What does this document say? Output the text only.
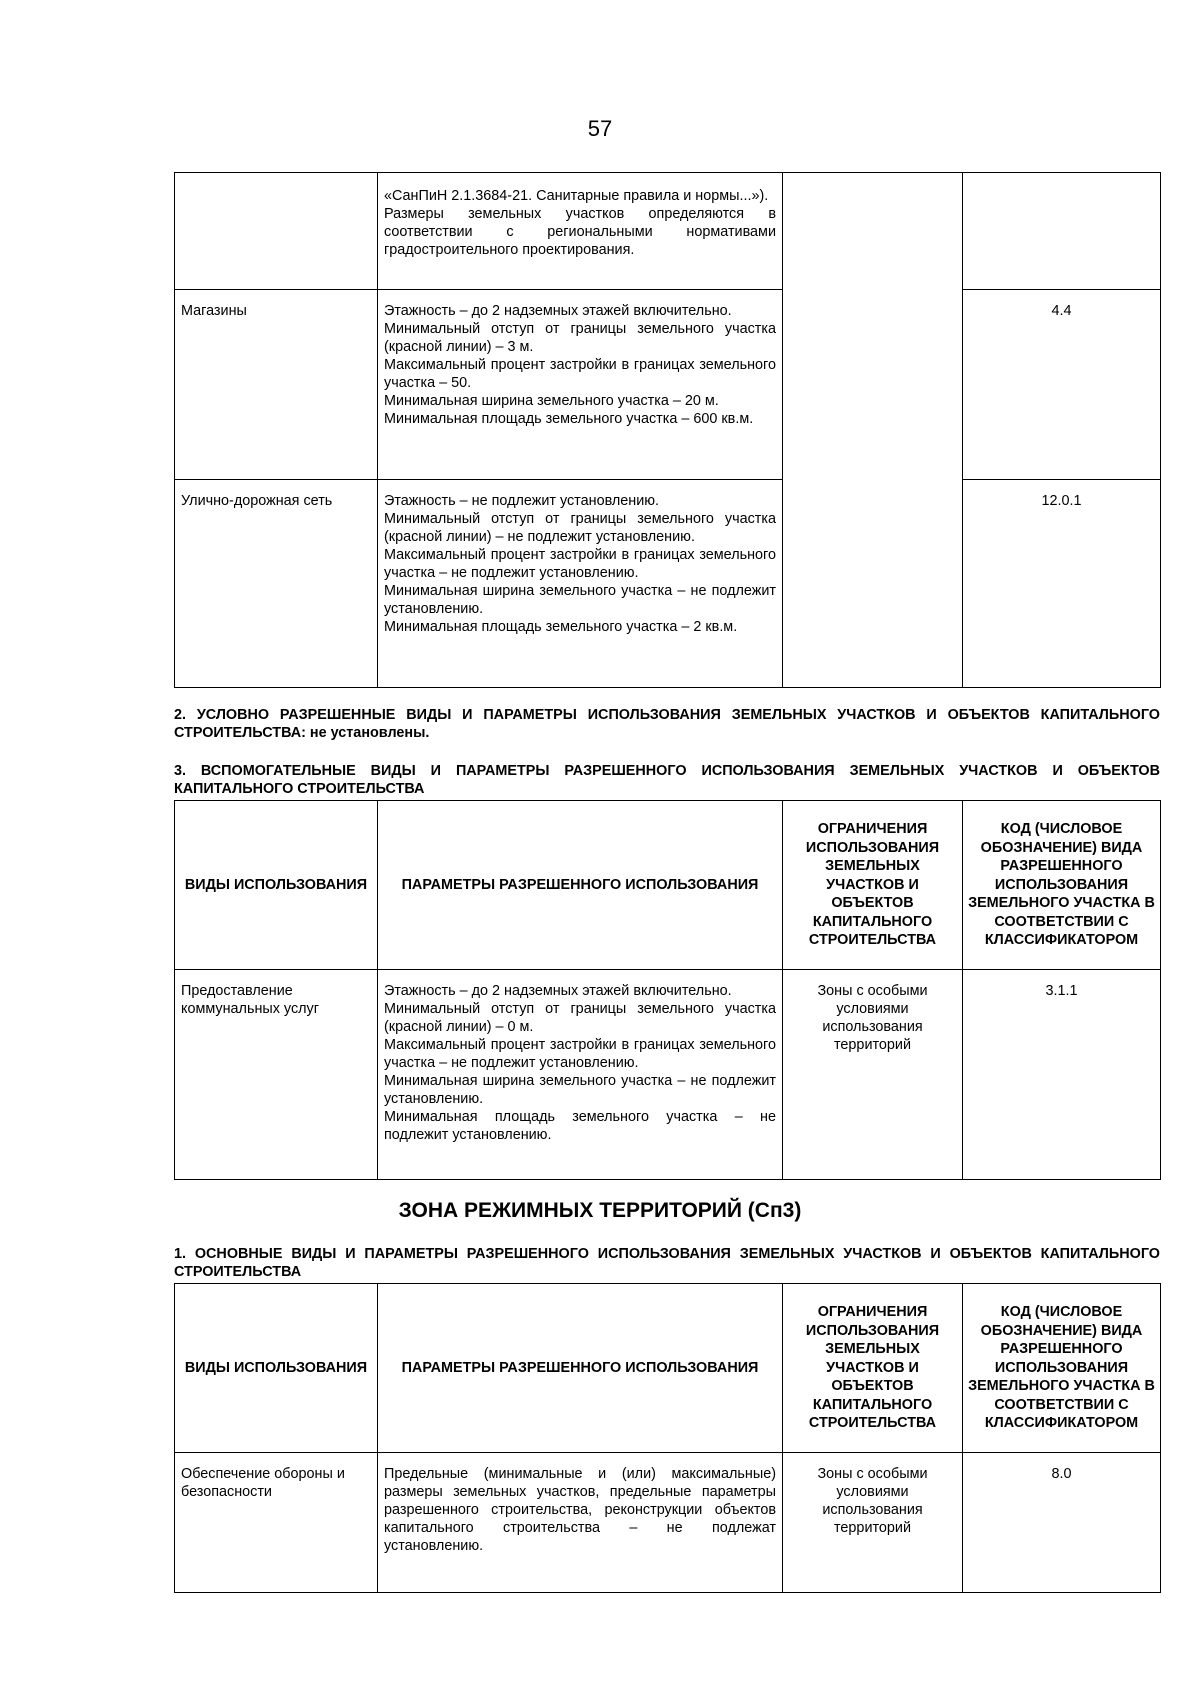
57

	«СанПиН 2.1.3684-21. Санитарные правила и нормы...»).

Размеры земельных участков определяются в соответствии с региональными нормативами градостроительного проектирования.		

Магазины	Этажность – до 2 надземных этажей включительно.

Минимальный отступ от границы земельного участка (красной линии) – 3 м.

Максимальный процент застройки в границах земельного участка – 50.

Минимальная ширина земельного участка – 20 м.

Минимальная площадь земельного участка – 600 кв.м.		4.4
Улично-дорожная сеть	Этажность – не подлежит установлению.

Минимальный отступ от границы земельного участка (красной линии) – не подлежит установлению.

Максимальный процент застройки в границах земельного участка – не подлежит установлению.

Минимальная ширина земельного участка – не подлежит установлению.

Минимальная площадь земельного участка – 2 кв.м.		12.0.1

2. УСЛОВНО РАЗРЕШЕННЫЕ ВИДЫ И ПАРАМЕТРЫ ИСПОЛЬЗОВАНИЯ ЗЕМЕЛЬНЫХ УЧАСТКОВ И ОБЪЕКТОВ КАПИТАЛЬНОГО СТРОИТЕЛЬСТВА: не установлены.

3. ВСПОМОГАТЕЛЬНЫЕ ВИДЫ И ПАРАМЕТРЫ РАЗРЕШЕННОГО ИСПОЛЬЗОВАНИЯ ЗЕМЕЛЬНЫХ УЧАСТКОВ И ОБЪЕКТОВ КАПИТАЛЬНОГО СТРОИТЕЛЬСТВА

ВИДЫ ИСПОЛЬЗОВАНИЯ	ПАРАМЕТРЫ РАЗРЕШЕННОГО ИСПОЛЬЗОВАНИЯ	ОГРАНИЧЕНИЯ ИСПОЛЬЗОВАНИЯ ЗЕМЕЛЬНЫХ УЧАСТКОВ И ОБЪЕКТОВ КАПИТАЛЬНОГО СТРОИТЕЛЬСТВА	КОД (ЧИСЛОВОЕ ОБОЗНАЧЕНИЕ) ВИДА РАЗРЕШЕННОГО ИСПОЛЬЗОВАНИЯ ЗЕМЕЛЬНОГО УЧАСТКА В СООТВЕТСТВИИ С КЛАССИФИКАТОРОМ
Предоставление коммунальных услуг	Этажность – до 2 надземных этажей включительно.

Минимальный отступ от границы земельного участка (красной линии) – 0 м.

Максимальный процент застройки в границах земельного участка – не подлежит установлению.

Минимальная ширина земельного участка – не подлежит установлению.

Минимальная площадь земельного участка – не подлежит установлению.	Зоны с особыми условиями использования территорий	3.1.1
ЗОНА РЕЖИМНЫХ ТЕРРИТОРИЙ (Сп3)

1. ОСНОВНЫЕ ВИДЫ И ПАРАМЕТРЫ РАЗРЕШЕННОГО ИСПОЛЬЗОВАНИЯ ЗЕМЕЛЬНЫХ УЧАСТКОВ И ОБЪЕКТОВ КАПИТАЛЬНОГО СТРОИТЕЛЬСТВА

ВИДЫ ИСПОЛЬЗОВАНИЯ	ПАРАМЕТРЫ РАЗРЕШЕННОГО ИСПОЛЬЗОВАНИЯ	ОГРАНИЧЕНИЯ ИСПОЛЬЗОВАНИЯ ЗЕМЕЛЬНЫХ УЧАСТКОВ И ОБЪЕКТОВ КАПИТАЛЬНОГО СТРОИТЕЛЬСТВА	КОД (ЧИСЛОВОЕ ОБОЗНАЧЕНИЕ) ВИДА РАЗРЕШЕННОГО ИСПОЛЬЗОВАНИЯ ЗЕМЕЛЬНОГО УЧАСТКА В СООТВЕТСТВИИ С КЛАССИФИКАТОРОМ
Обеспечение обороны и безопасности	Предельные (минимальные и (или) максимальные) размеры земельных участков, предельные параметры разрешенного строительства, реконструкции объектов капитального строительства – не подлежат установлению.	Зоны с особыми условиями использования территорий	8.0
